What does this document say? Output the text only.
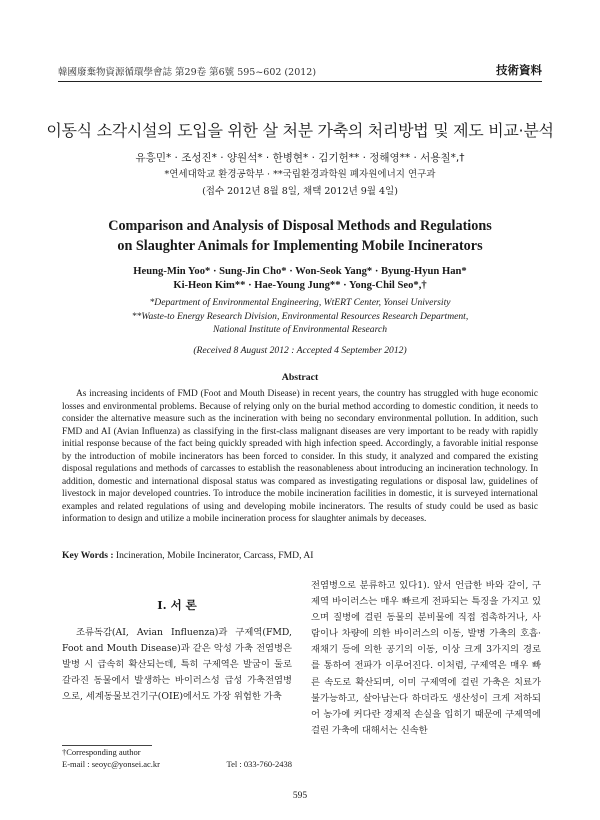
韓國廢棄物資源循環學會誌 第29卷 第6號 595~602 (2012)	技術資料
이동식 소각시설의 도입을 위한 살 처분 가축의 처리방법 및 제도 비교·분석
유흥민* · 조성진* · 양원석* · 한병현* · 김기헌** · 정해영** · 서용칠*,†
*연세대학교 환경공학부 · **국립환경과학원 폐자원에너지 연구과
(접수 2012년 8월 8일, 채택 2012년 9월 4일)
Comparison and Analysis of Disposal Methods and Regulations
on Slaughter Animals for Implementing Mobile Incinerators
Heung-Min Yoo* · Sung-Jin Cho* · Won-Seok Yang* · Byung-Hyun Han*
Ki-Heon Kim** · Hae-Young Jung** · Yong-Chil Seo*,†
*Department of Environmental Engineering, WtERT Center, Yonsei University
**Waste-to Energy Research Division, Environmental Resources Research Department,
National Institute of Environmental Research
(Received 8 August 2012 : Accepted 4 September 2012)
Abstract
As increasing incidents of FMD (Foot and Mouth Disease) in recent years, the country has struggled with huge economic losses and environmental problems. Because of relying only on the burial method according to domestic condition, it needs to consider the alternative measure such as the incineration with being no secondary environmental pollution. In addition, such FMD and AI (Avian Influenza) as classifying in the first-class malignant diseases are very important to be ready with rapidly initial response because of the fact being quickly spreaded with high infection speed. Accordingly, a favorable initial response by the introduction of mobile incinerators has been forced to consider. In this study, it analyzed and compared the existing disposal regulations and methods of carcasses to establish the reasonableness about introducing an incineration technology. In addition, domestic and international disposal status was compared as investigating regulations or disposal law, guidelines of livestock in major developed countries. To introduce the mobile incineration facilities in domestic, it is surveyed international examples and related regulations of using and developing mobile incinerators. The results of study could be used as basic information to design and utilize a mobile incineration process for slaughter animals by deceases.
Key Words : Incineration, Mobile Incinerator, Carcass, FMD, AI
I. 서 론
조류독감(AI, Avian Influenza)과 구제역(FMD, Foot and Mouth Disease)과 같은 악성 가축 전염병은 발병 시 급속히 확산되는데, 특히 구제역은 발굽이 둘로 갈라진 동물에서 발생하는 바이러스성 급성 가축전염병으로, 세계동물보건기구(OIE)에서도 가장 위험한 가축
†Corresponding author
E-mail : seoyc@yonsei.ac.kr	Tel : 033-760-2438
전염병으로 분류하고 있다1). 앞서 언급한 바와 같이, 구제역 바이러스는 매우 빠르게 전파되는 특징을 가지고 있으며 질병에 걸린 동물의 분비물에 직접 접촉하거나, 사람이나 차량에 의한 바이러스의 이동, 발병 가축의 호흡·재채기 등에 의한 공기의 이동, 이상 크게 3가지의 경로를 통하여 전파가 이루어진다. 이처럼, 구제역은 매우 빠른 속도로 확산되며, 이미 구제역에 걸린 가축은 치료가 불가능하고, 살아남는다 하더라도 생산성이 크게 저하되어 농가에 커다란 경제적 손실을 입히기 때문에 구제역에 걸린 가축에 대해서는 신속한
595
